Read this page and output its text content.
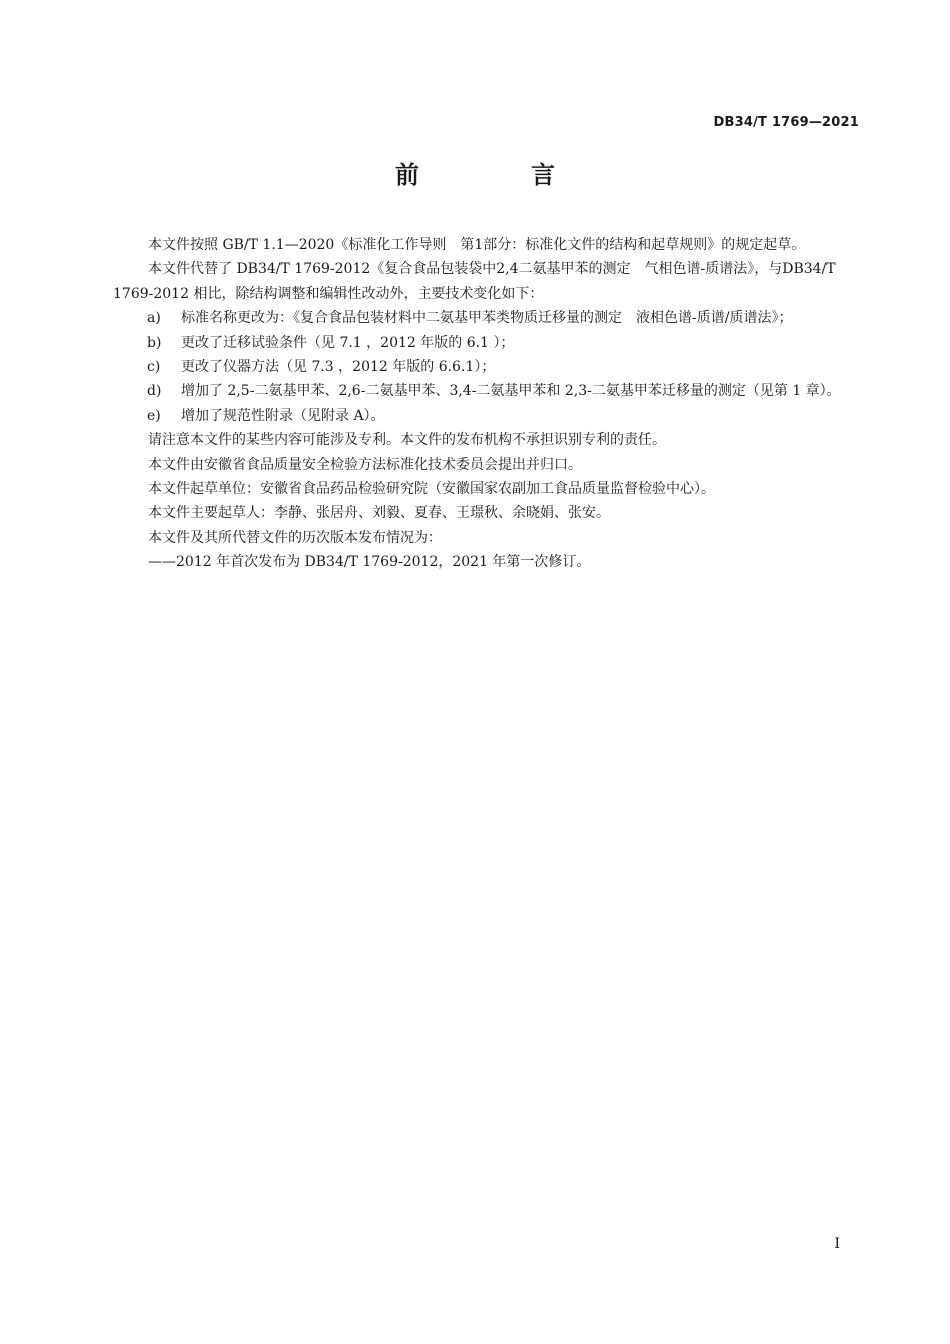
DB34/T 1769—2021
前　言

本文件按照 GB/T 1.1—2020《标准化工作导则　第1部分：标准化文件的结构和起草规则》的规定起草。

本文件代替了 DB34/T 1769-2012《复合食品包装袋中2,4二氨基甲苯的测定　气相色谱-质谱法》，与DB34/T 1769-2012 相比，除结构调整和编辑性改动外，主要技术变化如下：

a) 标准名称更改为：《复合食品包装材料中二氨基甲苯类物质迁移量的测定　液相色谱-质谱/质谱法》；

b) 更改了迁移试验条件（见 7.1 ，2012 年版的 6.1 ）；

c) 更改了仪器方法（见 7.3 ，2012 年版的 6.6.1）；

d) 增加了 2,5-二氨基甲苯、2,6-二氨基甲苯、3,4-二氨基甲苯和 2,3-二氨基甲苯迁移量的测定（见第 1 章）。

e) 增加了规范性附录（见附录 A）。

请注意本文件的某些内容可能涉及专利。本文件的发布机构不承担识别专利的责任。

本文件由安徽省食品质量安全检验方法标准化技术委员会提出并归口。

本文件起草单位：安徽省食品药品检验研究院（安徽国家农副加工食品质量监督检验中心）。

本文件主要起草人：李静、张居舟、刘毅、夏春、王璟秋、余晓娟、张安。

本文件及其所代替文件的历次版本发布情况为：

——2012 年首次发布为 DB34/T 1769-2012，2021 年第一次修订。

I
